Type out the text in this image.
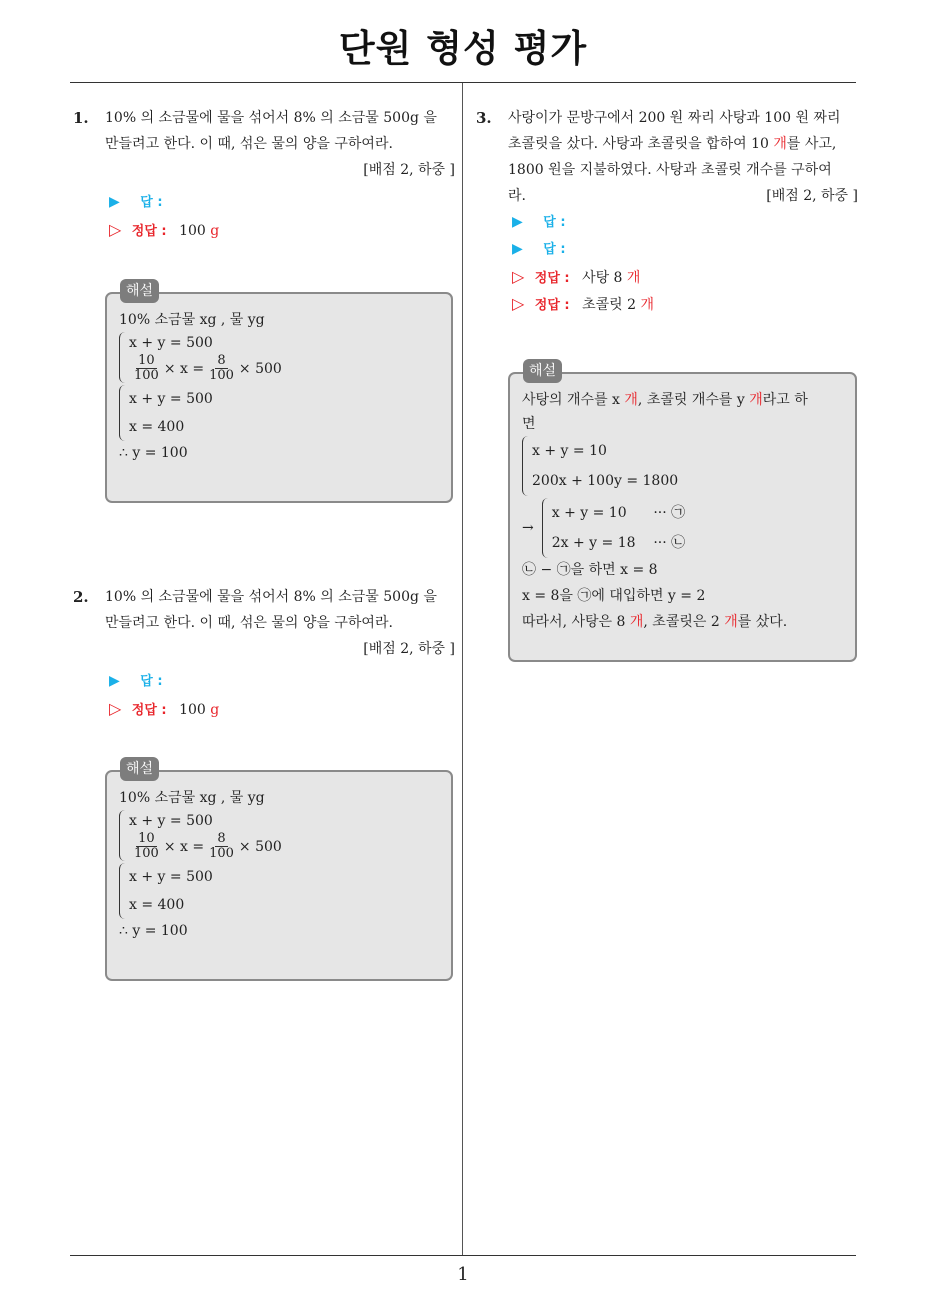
단원 형성 평가
1. 10% 의 소금물에 물을 섞어서 8% 의 소금물 500g 을
만들려고 한다. 이 때, 섞은 물의 양을 구하여라.
[배점 2, 하중 ]
▶ 답 :
▷ 정답 : 100 g
해설
10% 소금물 xg , 물 yg
x + y = 500
$\frac{10}{100} \times x = \frac{8}{100} \times 500$
x + y = 500
x = 400
∴ y = 100
2. 10% 의 소금물에 물을 섞어서 8% 의 소금물 500g 을
만들려고 한다. 이 때, 섞은 물의 양을 구하여라.
[배점 2, 하중 ]
▶ 답 :
▷ 정답 : 100 g
해설
10% 소금물 xg , 물 yg
x + y = 500
$\frac{10}{100} \times x = \frac{8}{100} \times 500$
x + y = 500
x = 400
∴ y = 100
3. 사랑이가 문방구에서 200 원 짜리 사탕과 100 원 짜리
초콜릿을 샀다. 사탕과 초콜릿을 합하여 10 개를 사고,
1800 원을 지불하였다. 사탕과 초콜릿 개수를 구하여
라.	[배점 2, 하중 ]
▶ 답 :
▶ 답 :
▷ 정답 : 사탕 8 개
▷ 정답 : 초콜릿 2 개
해설
사탕의 개수를 x 개, 초콜릿 개수를 y 개라고 하
면
x + y = 10
200x + 100y = 1800
→
x + y = 10      ··· ㉠
2x + y = 18    ··· ㉡
㉡ − ㉠을 하면 x = 8
x = 8을 ㉠에 대입하면 y = 2
따라서, 사탕은 8 개, 초콜릿은 2 개를 샀다.
1
